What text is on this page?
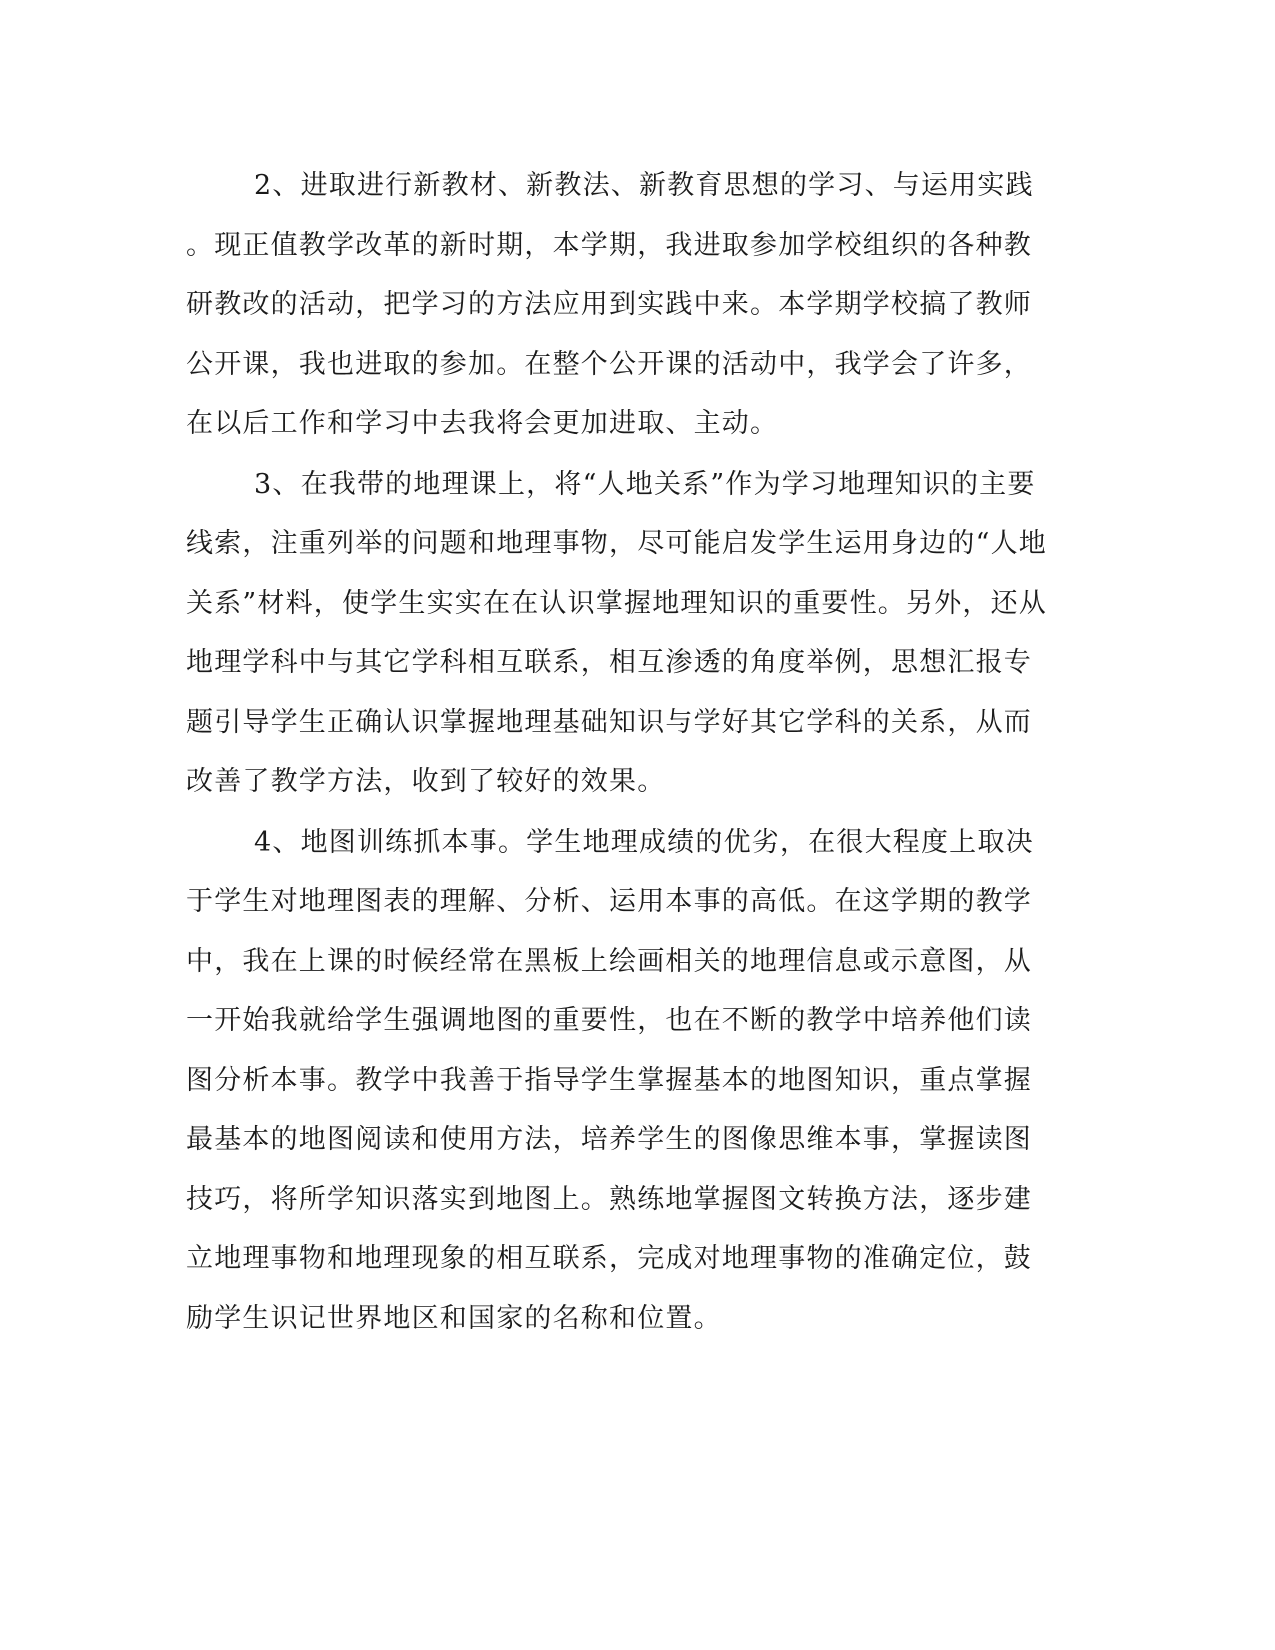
2、进取进行新教材、新教法、新教育思想的学习、与运用实践
。现正值教学改革的新时期，本学期，我进取参加学校组织的各种教
研教改的活动，把学习的方法应用到实践中来。本学期学校搞了教师
公开课，我也进取的参加。在整个公开课的活动中，我学会了许多，
在以后工作和学习中去我将会更加进取、主动。
3、在我带的地理课上，将“人地关系”作为学习地理知识的主要
线索，注重列举的问题和地理事物，尽可能启发学生运用身边的“人地
关系”材料，使学生实实在在认识掌握地理知识的重要性。另外，还从
地理学科中与其它学科相互联系，相互渗透的角度举例，思想汇报专
题引导学生正确认识掌握地理基础知识与学好其它学科的关系，从而
改善了教学方法，收到了较好的效果。
4、地图训练抓本事。学生地理成绩的优劣，在很大程度上取决
于学生对地理图表的理解、分析、运用本事的高低。在这学期的教学
中，我在上课的时候经常在黑板上绘画相关的地理信息或示意图，从
一开始我就给学生强调地图的重要性，也在不断的教学中培养他们读
图分析本事。教学中我善于指导学生掌握基本的地图知识，重点掌握
最基本的地图阅读和使用方法，培养学生的图像思维本事，掌握读图
技巧，将所学知识落实到地图上。熟练地掌握图文转换方法，逐步建
立地理事物和地理现象的相互联系，完成对地理事物的准确定位，鼓
励学生识记世界地区和国家的名称和位置。
